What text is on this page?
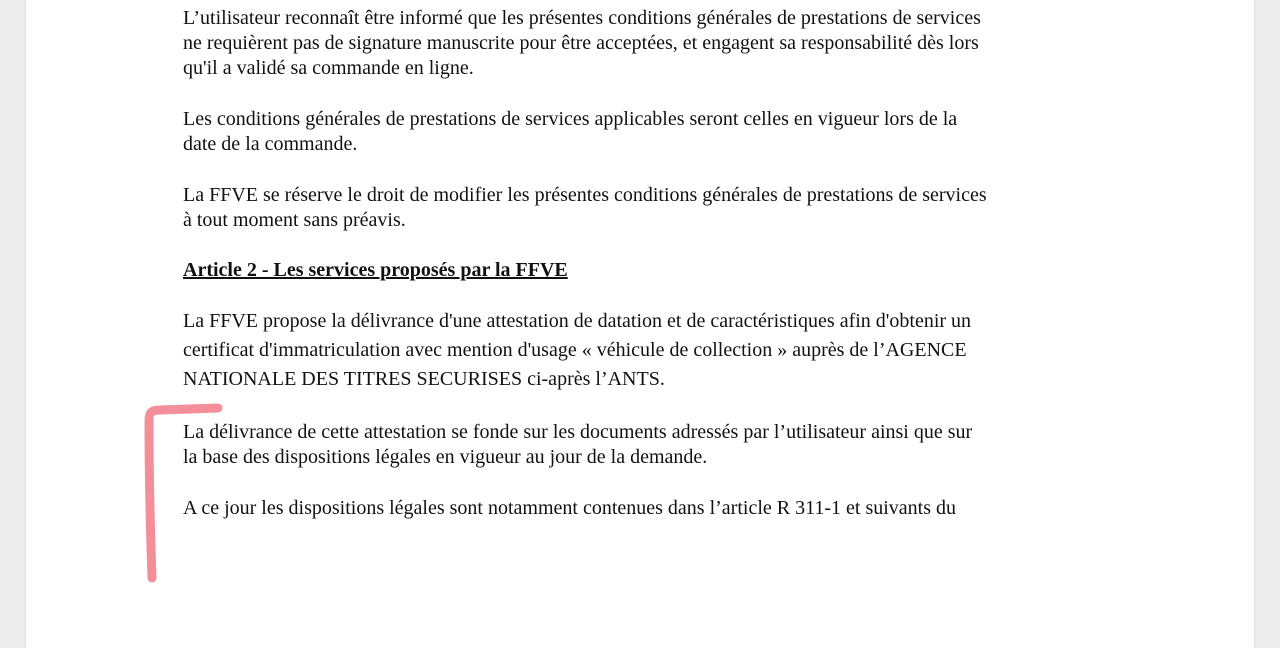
L’utilisateur reconnaît être informé que les présentes conditions générales de prestations de services
ne requièrent pas de signature manuscrite pour être acceptées, et engagent sa responsabilité dès lors
qu'il a validé sa commande en ligne.

Les conditions générales de prestations de services applicables seront celles en vigueur lors de la
date de la commande.

La FFVE se réserve le droit de modifier les présentes conditions générales de prestations de services
à tout moment sans préavis.

Article 2 - Les services proposés par la FFVE

La FFVE propose la délivrance d'une attestation de datation et de caractéristiques afin d'obtenir un
certificat d'immatriculation avec mention d'usage « véhicule de collection » auprès de l’AGENCE
NATIONALE DES TITRES SECURISES ci-après l’ANTS.

La délivrance de cette attestation se fonde sur les documents adressés par l’utilisateur ainsi que sur
la base des dispositions légales en vigueur au jour de la demande.

A ce jour les dispositions légales sont notamment contenues dans l’article R 311-1 et suivants du
